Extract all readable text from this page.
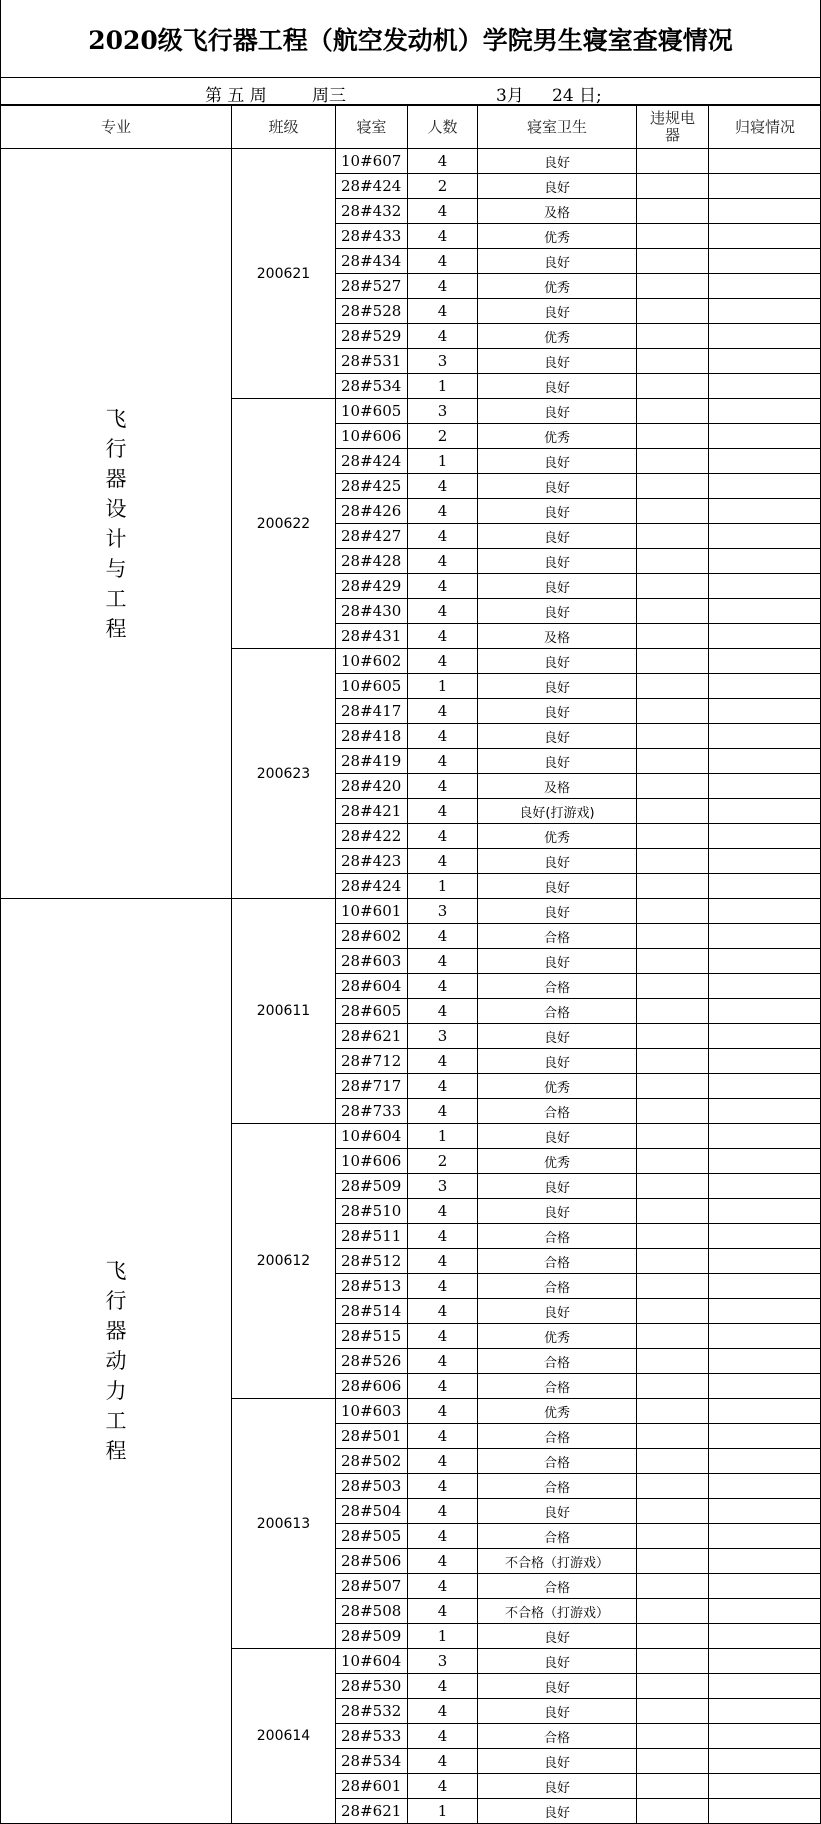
2020级飞行器工程（航空发动机）学院男生寝室查寝情况
第 五 周	周三	3月 24 日;
专业	班级	寝室	人数	寝室卫生	违规电器	归寝情况
飞行器设计与工程	200621	10#607	4	良好		
		28#424	2	良好		
		28#432	4	及格		
		28#433	4	优秀		
		28#434	4	良好		
		28#527	4	优秀		
		28#528	4	良好		
		28#529	4	优秀		
		28#531	3	良好		
		28#534	1	良好		
	200622	10#605	3	良好		
		10#606	2	优秀		
		28#424	1	良好		
		28#425	4	良好		
		28#426	4	良好		
		28#427	4	良好		
		28#428	4	良好		
		28#429	4	良好		
		28#430	4	良好		
		28#431	4	及格		
	200623	10#602	4	良好		
		10#605	1	良好		
		28#417	4	良好		
		28#418	4	良好		
		28#419	4	良好		
		28#420	4	及格		
		28#421	4	良好(打游戏)		
		28#422	4	优秀		
		28#423	4	良好		
		28#424	1	良好		
飞行器动力工程	200611	10#601	3	良好		
		28#602	4	合格		
		28#603	4	良好		
		28#604	4	合格		
		28#605	4	合格		
		28#621	3	良好		
		28#712	4	良好		
		28#717	4	优秀		
		28#733	4	合格		
	200612	10#604	1	良好		
		10#606	2	优秀		
		28#509	3	良好		
		28#510	4	良好		
		28#511	4	合格		
		28#512	4	合格		
		28#513	4	合格		
		28#514	4	良好		
		28#515	4	优秀		
		28#526	4	合格		
		28#606	4	合格		
	200613	10#603	4	优秀		
		28#501	4	合格		
		28#502	4	合格		
		28#503	4	合格		
		28#504	4	良好		
		28#505	4	合格		
		28#506	4	不合格（打游戏）		
		28#507	4	合格		
		28#508	4	不合格（打游戏）		
		28#509	1	良好		
	200614	10#604	3	良好		
		28#530	4	良好		
		28#532	4	良好		
		28#533	4	合格		
		28#534	4	良好		
		28#601	4	良好		
		28#621	1	良好		
